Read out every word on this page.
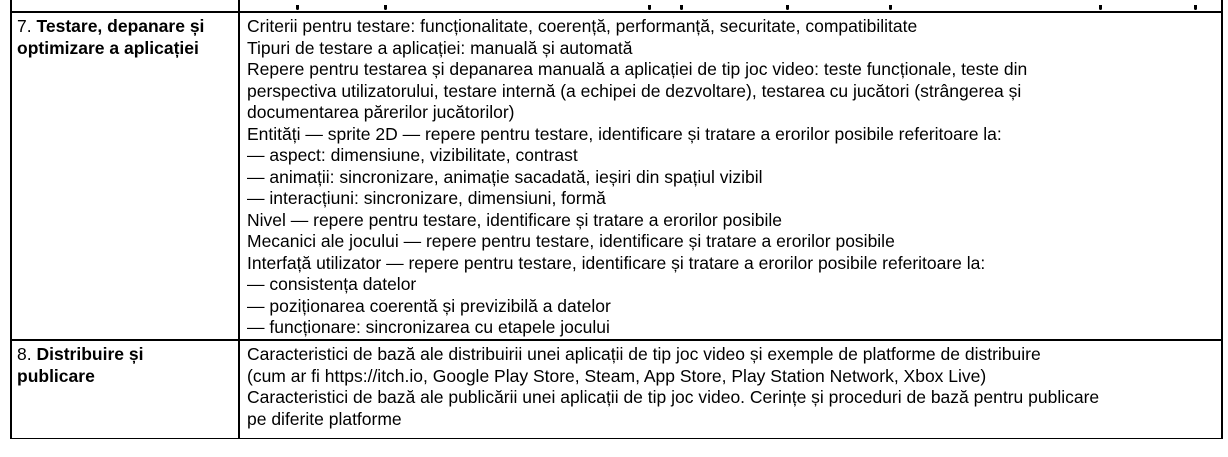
7. Testare, depanare și
optimizare a aplicației
Criterii pentru testare: funcționalitate, coerență, performanță, securitate, compatibilitate
Tipuri de testare a aplicației: manuală și automată
Repere pentru testarea și depanarea manuală a aplicației de tip joc video: teste funcționale, teste din
perspectiva utilizatorului, testare internă (a echipei de dezvoltare), testarea cu jucători (strângerea și
documentarea părerilor jucătorilor)
Entități — sprite 2D — repere pentru testare, identificare și tratare a erorilor posibile referitoare la:
— aspect: dimensiune, vizibilitate, contrast
— animații: sincronizare, animație sacadată, ieșiri din spațiul vizibil
— interacțiuni: sincronizare, dimensiuni, formă
Nivel — repere pentru testare, identificare și tratare a erorilor posibile
Mecanici ale jocului — repere pentru testare, identificare și tratare a erorilor posibile
Interfață utilizator — repere pentru testare, identificare și tratare a erorilor posibile referitoare la:
— consistența datelor
— poziționarea coerentă și previzibilă a datelor
— funcționare: sincronizarea cu etapele jocului
8. Distribuire și
publicare
Caracteristici de bază ale distribuirii unei aplicații de tip joc video și exemple de platforme de distribuire
(cum ar fi https://itch.io, Google Play Store, Steam, App Store, Play Station Network, Xbox Live)
Caracteristici de bază ale publicării unei aplicații de tip joc video. Cerințe și proceduri de bază pentru publicare
pe diferite platforme
